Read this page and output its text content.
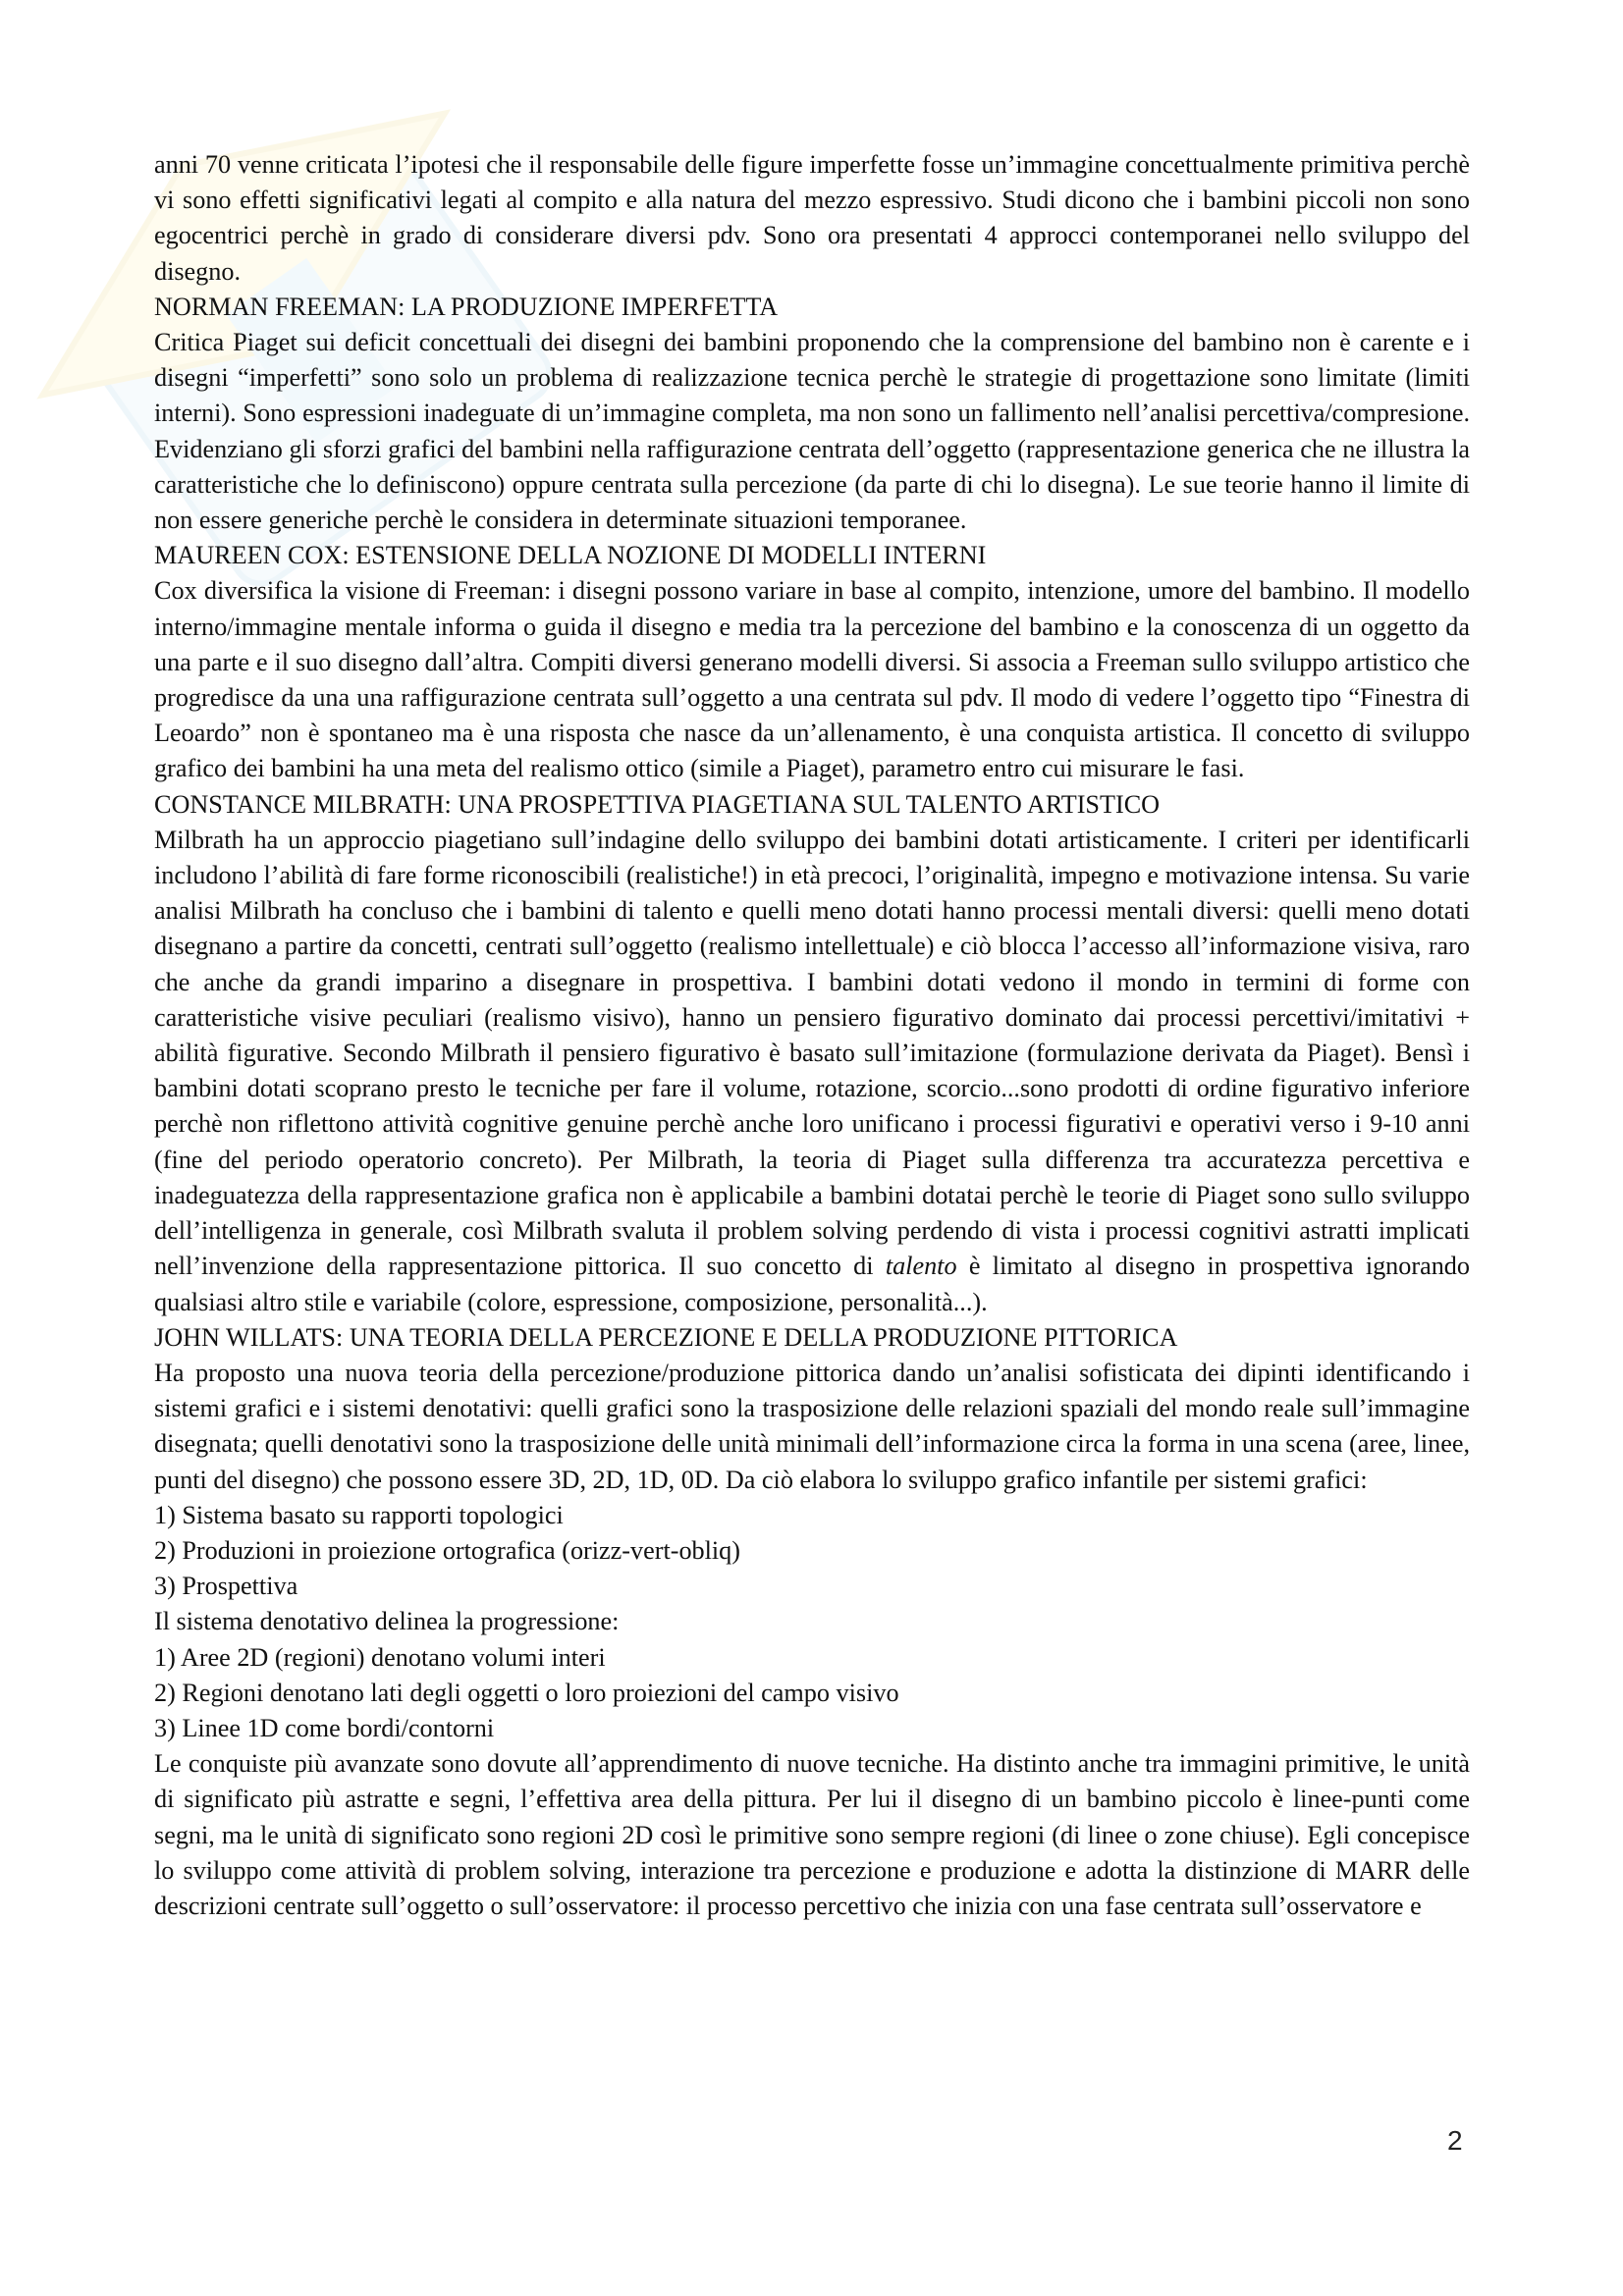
anni 70 venne criticata l’ipotesi che il responsabile delle figure imperfette fosse un’immagine concettualmente primitiva perchè vi sono effetti significativi legati al compito e alla natura del mezzo espressivo. Studi dicono che i bambini piccoli non sono egocentrici perchè in grado di considerare diversi pdv. Sono ora presentati 4 approcci contemporanei nello sviluppo del disegno.

NORMAN FREEMAN: LA PRODUZIONE IMPERFETTA

Critica Piaget sui deficit concettuali dei disegni dei bambini proponendo che la comprensione del bambino non è carente e i disegni “imperfetti” sono solo un problema di realizzazione tecnica perchè le strategie di progettazione sono limitate (limiti interni). Sono espressioni inadeguate di un’immagine completa, ma non sono un fallimento nell’analisi percettiva/compresione. Evidenziano gli sforzi grafici del bambini nella raffigurazione centrata dell’oggetto (rappresentazione generica che ne illustra la caratteristiche che lo definiscono) oppure centrata sulla percezione (da parte di chi lo disegna). Le sue teorie hanno il limite di non essere generiche perchè le considera in determinate situazioni temporanee.

MAUREEN COX: ESTENSIONE DELLA NOZIONE DI MODELLI INTERNI

Cox diversifica la visione di Freeman: i disegni possono variare in base al compito, intenzione, umore del bambino. Il modello interno/immagine mentale informa o guida il disegno e media tra la percezione del bambino e la conoscenza di un oggetto da una parte e il suo disegno dall’altra. Compiti diversi generano modelli diversi. Si associa a Freeman sullo sviluppo artistico che progredisce da una una raffigurazione centrata sull’oggetto a una centrata sul pdv. Il modo di vedere l’oggetto tipo “Finestra di Leoardo” non è spontaneo ma è una risposta che nasce da un’allenamento, è una conquista artistica. Il concetto di sviluppo grafico dei bambini ha una meta del realismo ottico (simile a Piaget), parametro entro cui misurare le fasi.

CONSTANCE MILBRATH: UNA PROSPETTIVA PIAGETIANA SUL TALENTO ARTISTICO

Milbrath ha un approccio piagetiano sull’indagine dello sviluppo dei bambini dotati artisticamente. I criteri per identificarli includono l’abilità di fare forme riconoscibili (realistiche!) in età precoci, l’originalità, impegno e motivazione intensa. Su varie analisi Milbrath ha concluso che i bambini di talento e quelli meno dotati hanno processi mentali diversi: quelli meno dotati disegnano a partire da concetti, centrati sull’oggetto (realismo intellettuale) e ciò blocca l’accesso all’informazione visiva, raro che anche da grandi imparino a disegnare in prospettiva. I bambini dotati vedono il mondo in termini di forme con caratteristiche visive peculiari (realismo visivo), hanno un pensiero figurativo dominato dai processi percettivi/imitativi + abilità figurative. Secondo Milbrath il pensiero figurativo è basato sull’imitazione (formulazione derivata da Piaget). Bensì i bambini dotati scoprano presto le tecniche per fare il volume, rotazione, scorcio...sono prodotti di ordine figurativo inferiore perchè non riflettono attività cognitive genuine perchè anche loro unificano i processi figurativi e operativi verso i 9-10 anni (fine del periodo operatorio concreto). Per Milbrath, la teoria di Piaget sulla differenza tra accuratezza percettiva e inadeguatezza della rappresentazione grafica non è applicabile a bambini dotatai perchè le teorie di Piaget sono sullo sviluppo dell’intelligenza in generale, così Milbrath svaluta il problem solving perdendo di vista i processi cognitivi astratti implicati nell’invenzione della rappresentazione pittorica. Il suo concetto di talento è limitato al disegno in prospettiva ignorando qualsiasi altro stile e variabile (colore, espressione, composizione, personalità...).

JOHN WILLATS: UNA TEORIA DELLA PERCEZIONE E DELLA PRODUZIONE PITTORICA

Ha proposto una nuova teoria della percezione/produzione pittorica dando un’analisi sofisticata dei dipinti identificando i sistemi grafici e i sistemi denotativi: quelli grafici sono la trasposizione delle relazioni spaziali del mondo reale sull’immagine disegnata; quelli denotativi sono la trasposizione delle unità minimali dell’informazione circa la forma in una scena (aree, linee, punti del disegno) che possono essere 3D, 2D, 1D, 0D. Da ciò elabora lo sviluppo grafico infantile per sistemi grafici:

1) Sistema basato su rapporti topologici

2) Produzioni in proiezione ortografica (orizz-vert-obliq)

3) Prospettiva

Il sistema denotativo delinea la progressione:

1) Aree 2D (regioni) denotano volumi interi

2) Regioni denotano lati degli oggetti o loro proiezioni del campo visivo

3) Linee 1D come bordi/contorni

Le conquiste più avanzate sono dovute all’apprendimento di nuove tecniche. Ha distinto anche tra immagini primitive, le unità di significato più astratte e segni, l’effettiva area della pittura. Per lui il disegno di un bambino piccolo è linee-punti come segni, ma le unità di significato sono regioni 2D così le primitive sono sempre regioni (di linee o zone chiuse). Egli concepisce lo sviluppo come attività di problem solving, interazione tra percezione e produzione e adotta la distinzione di MARR delle descrizioni centrate sull’oggetto o sull’osservatore: il processo percettivo che inizia con una fase centrata sull’osservatore e

2
